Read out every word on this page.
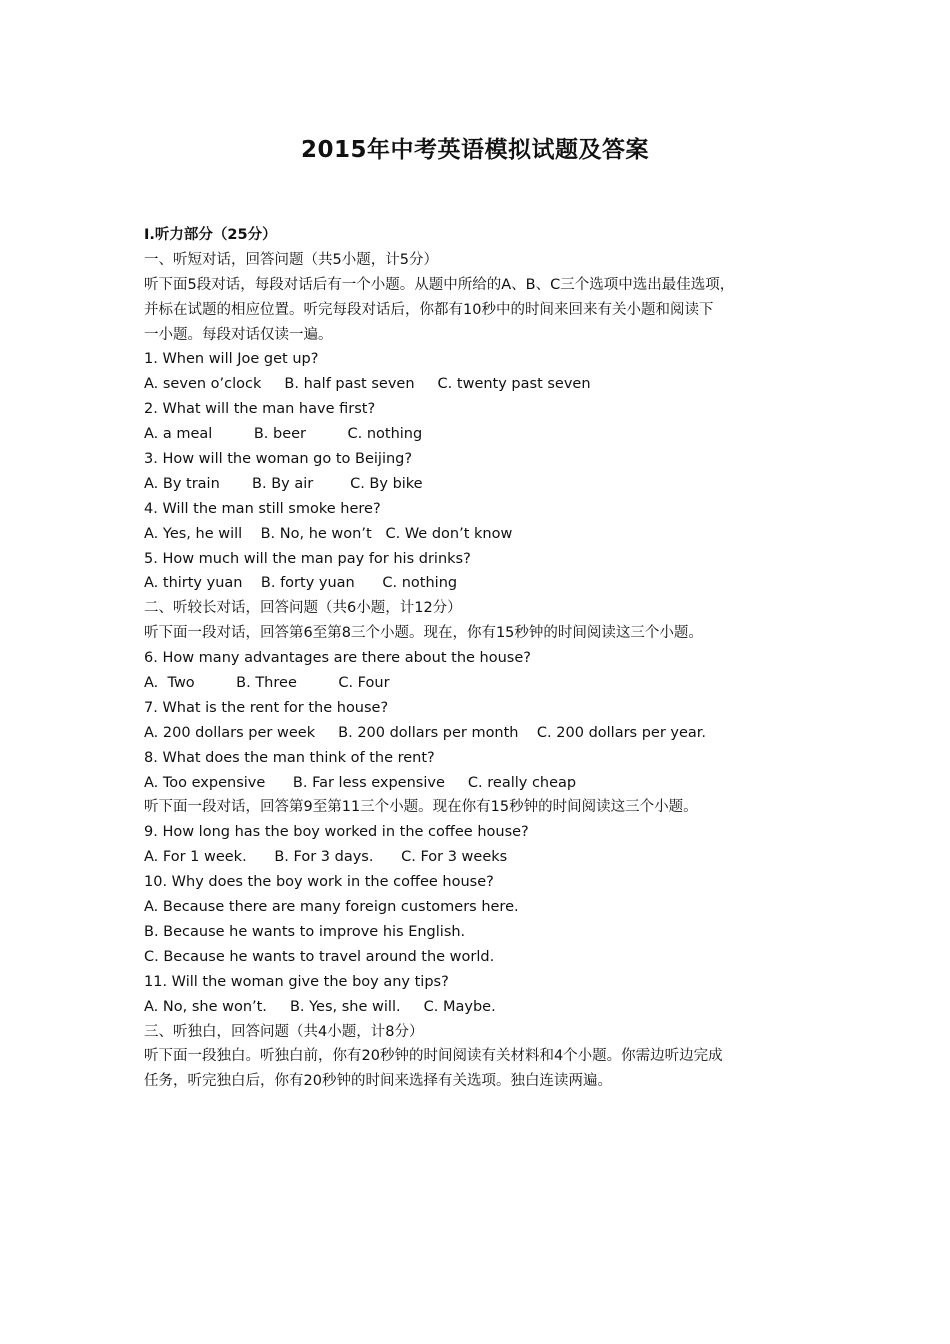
2015年中考英语模拟试题及答案
Ⅰ.听力部分（25分）
一、听短对话，回答问题（共5小题，计5分）
听下面5段对话，每段对话后有一个小题。从题中所给的A、B、C三个选项中选出最佳选项，
并标在试题的相应位置。听完每段对话后，你都有10秒中的时间来回来有关小题和阅读下
一小题。每段对话仅读一遍。
1. When will Joe get up?
A. seven o’clock     B. half past seven     C. twenty past seven
2. What will the man have first?
A. a meal         B. beer         C. nothing
3. How will the woman go to Beijing?
A. By train       B. By air        C. By bike
4. Will the man still smoke here?
A. Yes, he will    B. No, he won’t   C. We don’t know
5. How much will the man pay for his drinks?
A. thirty yuan    B. forty yuan      C. nothing
二、听较长对话，回答问题（共6小题，计12分）
听下面一段对话，回答第6至第8三个小题。现在，你有15秒钟的时间阅读这三个小题。
6. How many advantages are there about the house?
A.  Two         B. Three         C. Four
7. What is the rent for the house?
A. 200 dollars per week     B. 200 dollars per month    C. 200 dollars per year.
8. What does the man think of the rent?
A. Too expensive      B. Far less expensive     C. really cheap
听下面一段对话，回答第9至第11三个小题。现在你有15秒钟的时间阅读这三个小题。
9. How long has the boy worked in the coffee house?
A. For 1 week.      B. For 3 days.      C. For 3 weeks
10. Why does the boy work in the coffee house?
A. Because there are many foreign customers here.
B. Because he wants to improve his English.
C. Because he wants to travel around the world.
11. Will the woman give the boy any tips?
A. No, she won’t.     B. Yes, she will.     C. Maybe.
三、听独白，回答问题（共4小题，计8分）
听下面一段独白。听独白前，你有20秒钟的时间阅读有关材料和4个小题。你需边听边完成
任务，听完独白后，你有20秒钟的时间来选择有关选项。独白连读两遍。
